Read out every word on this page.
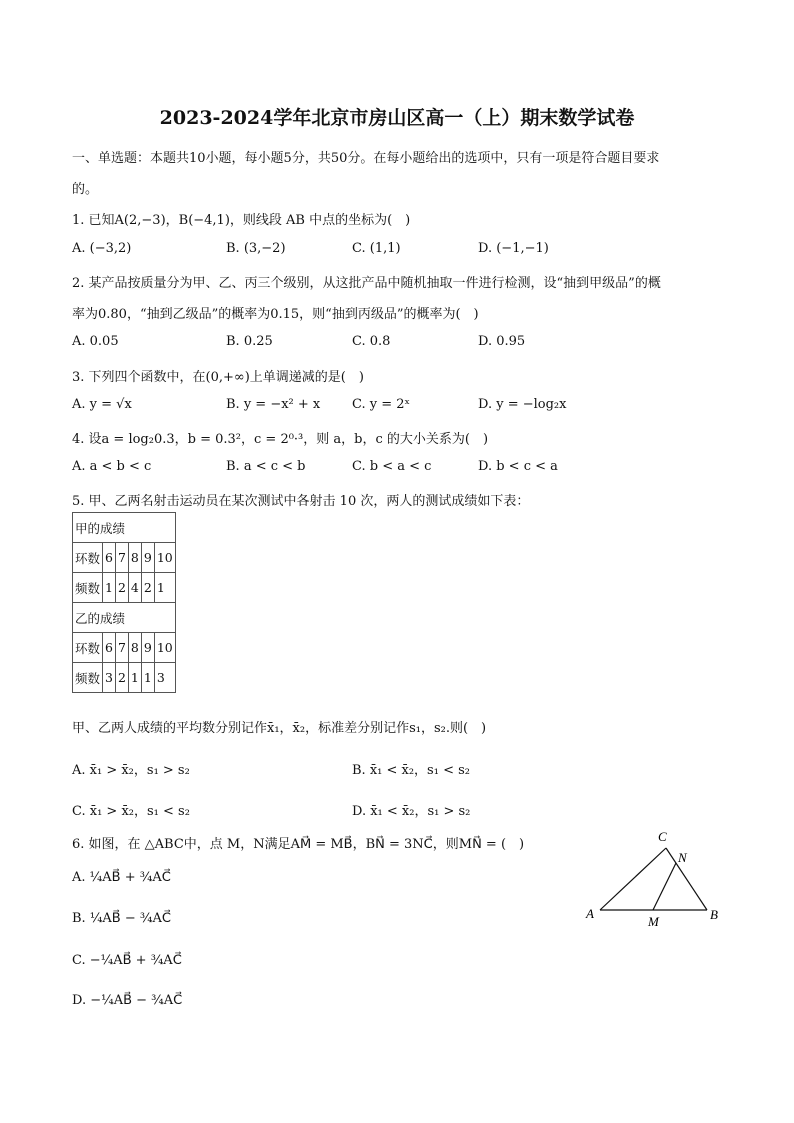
2023-2024学年北京市房山区高一（上）期末数学试卷
一、单选题：本题共10小题，每小题5分，共50分。在每小题给出的选项中，只有一项是符合题目要求
的。
1. 已知A(2,−3)，B(−4,1)，则线段 AB 中点的坐标为(　)
A. (−3,2)	B. (3,−2)	C. (1,1)	D. (−1,−1)
2. 某产品按质量分为甲、乙、丙三个级别，从这批产品中随机抽取一件进行检测，设“抽到甲级品”的概
率为0.80，“抽到乙级品”的概率为0.15，则“抽到丙级品”的概率为(　)
A. 0.05	B. 0.25	C. 0.8	D. 0.95
3. 下列四个函数中，在(0,+∞)上单调递减的是(　)
A. y = √x	B. y = −x² + x C. y = 2ˣ	D. y = −log₂x
4. 设a = log₂0.3，b = 0.3²，c = 2⁰·³，则 a，b，c 的大小关系为(　)
A. a < b < c	B. a < c < b	C. b < a < c	D. b < c < a
5. 甲、乙两名射击运动员在某次测试中各射击 10 次，两人的测试成绩如下表：
甲的成绩					
环数	6	7	8	9	10
频数	1	2	4	2	1
乙的成绩					
环数	6	7	8	9	10
频数	3	2	1	1	3
甲、乙两人成绩的平均数分别记作x̄₁，x̄₂，标准差分别记作s₁，s₂.则(　)
A. x̄₁ > x̄₂，s₁ > s₂	B. x̄₁ < x̄₂，s₁ < s₂
C. x̄₁ > x̄₂，s₁ < s₂	D. x̄₁ < x̄₂，s₁ > s₂
6. 如图，在 △ABC中，点 M，N满足AM⃗ = MB⃗，BN⃗ = 3NC⃗，则MN⃗ = (　)
A. ¼AB⃗ + ¾AC⃗
B. ¼AB⃗ − ¾AC⃗
C. −¼AB⃗ + ¾AC⃗
D. −¼AB⃗ − ¾AC⃗
A	B
C
M
N
